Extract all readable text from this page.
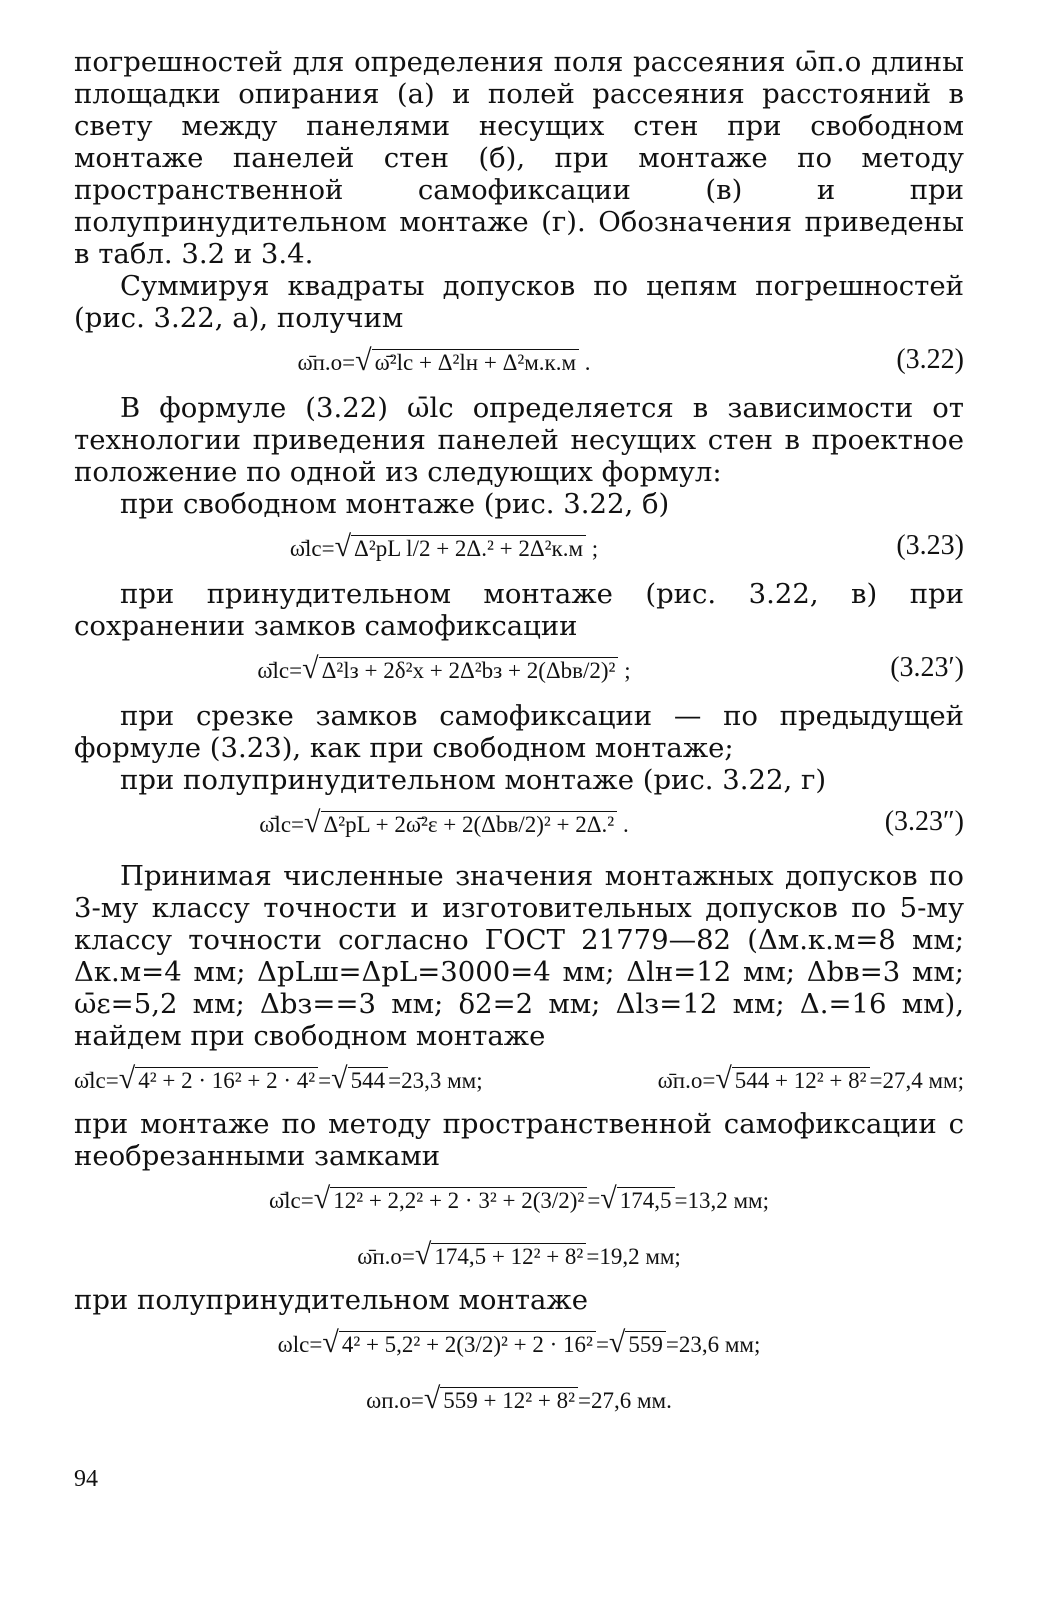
погрешностей для определения поля рассеяния ω̄п.о длины площадки опирания (а) и полей рассеяния расстояний в свету между панелями несущих стен при свободном монтаже панелей стен (б), при монтаже по методу пространственной самофиксации (в) и при полупринудительном монтаже (г). Обозначения приведены в табл. 3.2 и 3.4.

Суммируя квадраты допусков по цепям погрешностей (рис. 3.22, а), получим

ω̄п.о=√ ω̄²lc + Δ²lн + Δ²м.к.м .	(3.22)

В формуле (3.22) ω̄lc определяется в зависимости от технологии приведения панелей несущих стен в проектное положение по одной из следующих формул:

при свободном монтаже (рис. 3.22, б)

ω̄lc=√ Δ²pL l/2 + 2Δ.² + 2Δ²к.м ;	(3.23)

при принудительном монтаже (рис. 3.22, в) при сохранении замков самофиксации

ω̄lc=√ Δ²lз + 2δ²x + 2Δ²bз + 2(Δbв/2)² ;	(3.23′)

при срезке замков самофиксации — по предыдущей формуле (3.23), как при свободном монтаже;

при полупринудительном монтаже (рис. 3.22, г)

ω̄lc=√ Δ²pL + 2ω̄²ε + 2(Δbв/2)² + 2Δ.² .	(3.23″)

Принимая численные значения монтажных допусков по 3-му классу точности и изготовительных допусков по 5-му классу точности согласно ГОСТ 21779—82 (Δм.к.м=8 мм; Δк.м=4 мм; ΔpLш=ΔpL=3000=4 мм; Δlн=12 мм; Δbв=3 мм; ω̄ε=5,2 мм; Δbз==3 мм; δ2=2 мм; Δlз=12 мм; Δ.=16 мм), найдем при свободном монтаже

ω̄lc=√ 4² + 2 · 16² + 2 · 4² =√ 544 =23,3 мм;	ω̄п.о=√ 544 + 12² + 8² =27,4 мм;

при монтаже по методу пространственной самофиксации с необрезанными замками

ω̄lc=√ 12² + 2,2² + 2 · 3² + 2(3/2)² =√ 174,5 =13,2 мм;
ω̄п.о=√ 174,5 + 12² + 8² =19,2 мм;

при полупринудительном монтаже

ωlc=√ 4² + 5,2² + 2(3/2)² + 2 · 16² =√ 559 =23,6 мм;
ωп.о=√ 559 + 12² + 8² =27,6 мм.
94
